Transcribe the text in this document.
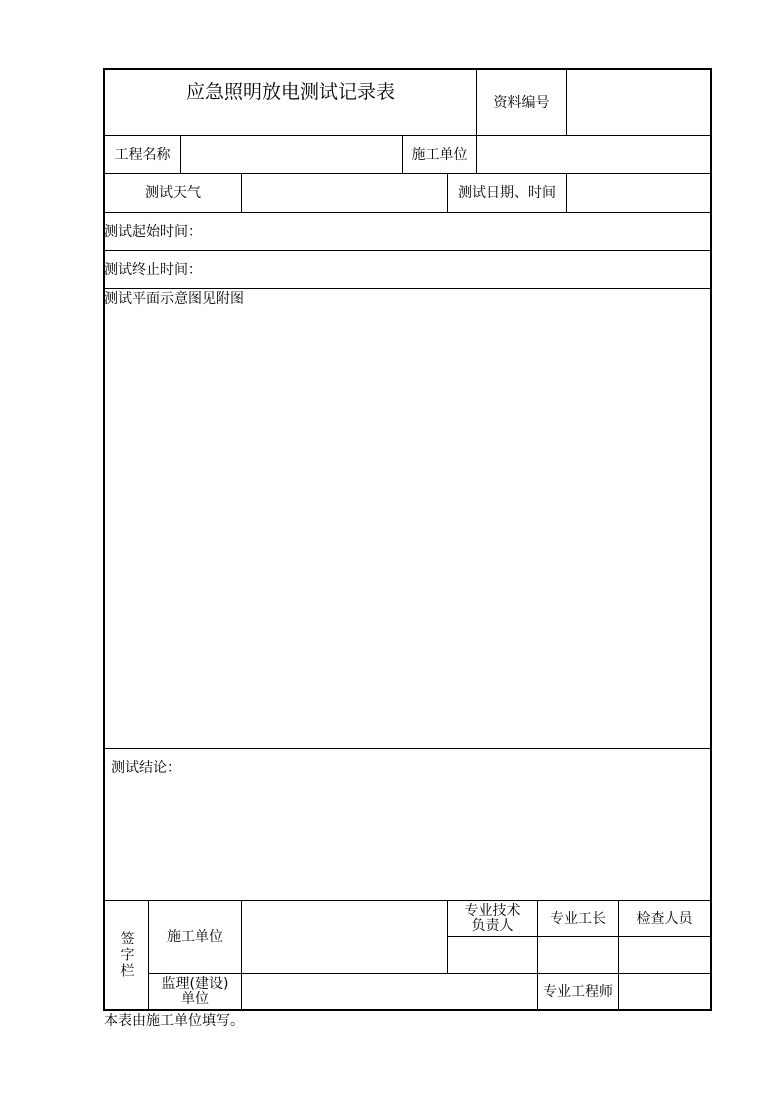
应急照明放电测试记录表	资料编号
工程名称	施工单位
测试天气	测试日期、时间
测试起始时间：
测试终止时间：
测试平面示意图见附图
测试结论：
签字栏	施工单位
专业技术
负责人	专业工长	检查人员
监理(建设)
单位	专业工程师
本表由施工单位填写。
